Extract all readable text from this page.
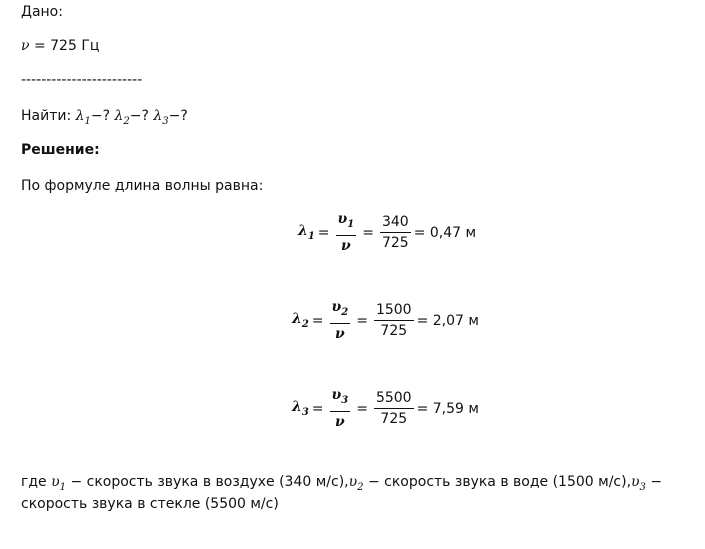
Дано:
ν = 725 Гц
------------------------
Найти: $\lambda_1-$? $\lambda_2-$? $\lambda_3-$?
Решение:
По формуле длина волны равна:
$\lambda_1 = \frac{\upsilon_1}{\nu} = \frac{340}{725} = 0,47$ м
$\lambda_2 = \frac{\upsilon_2}{\nu} = \frac{1500}{725} = 2,07$ м
$\lambda_3 = \frac{\upsilon_3}{\nu} = \frac{5500}{725} = 7,59$ м
где $\upsilon_1$ − скорость звука в воздухе (340 $м/с),\upsilon_2$ − скорость звука в воде (1500 $м/с),\upsilon_3$ −
скорость звука в стекле (5500 м/с)
